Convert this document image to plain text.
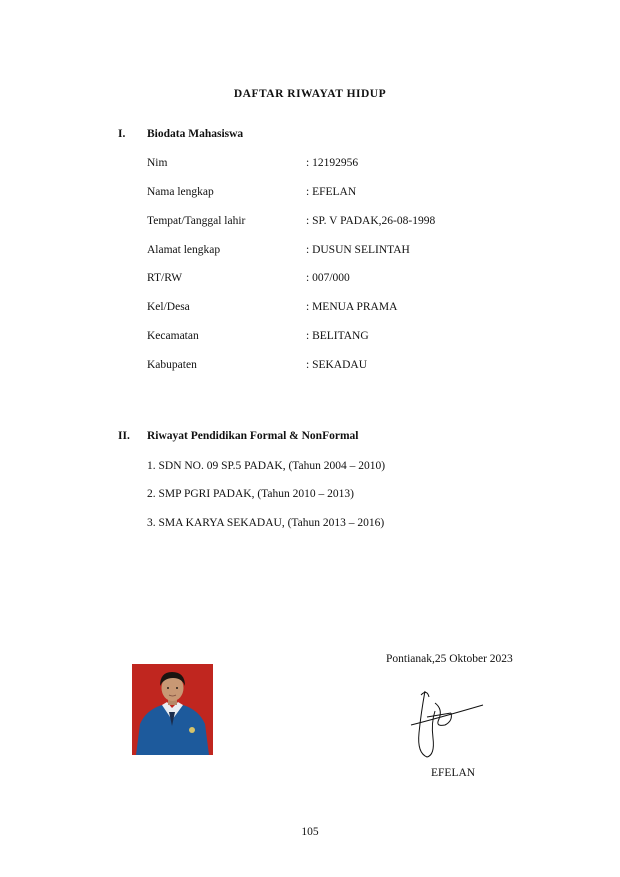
DAFTAR RIWAYAT HIDUP
I. Biodata Mahasiswa
Nim	: 12192956
Nama lengkap	: EFELAN
Tempat/Tanggal lahir	: SP. V PADAK,26-08-1998
Alamat lengkap	: DUSUN SELINTAH
RT/RW	: 007/000
Kel/Desa	: MENUA PRAMA
Kecamatan	: BELITANG
Kabupaten	: SEKADAU
II. Riwayat Pendidikan Formal & NonFormal
1. SDN NO. 09 SP.5 PADAK, (Tahun 2004 – 2010)
2. SMP PGRI PADAK, (Tahun 2010 – 2013)
3. SMA KARYA SEKADAU, (Tahun 2013 – 2016)
Pontianak,25 Oktober 2023
EFELAN
105
